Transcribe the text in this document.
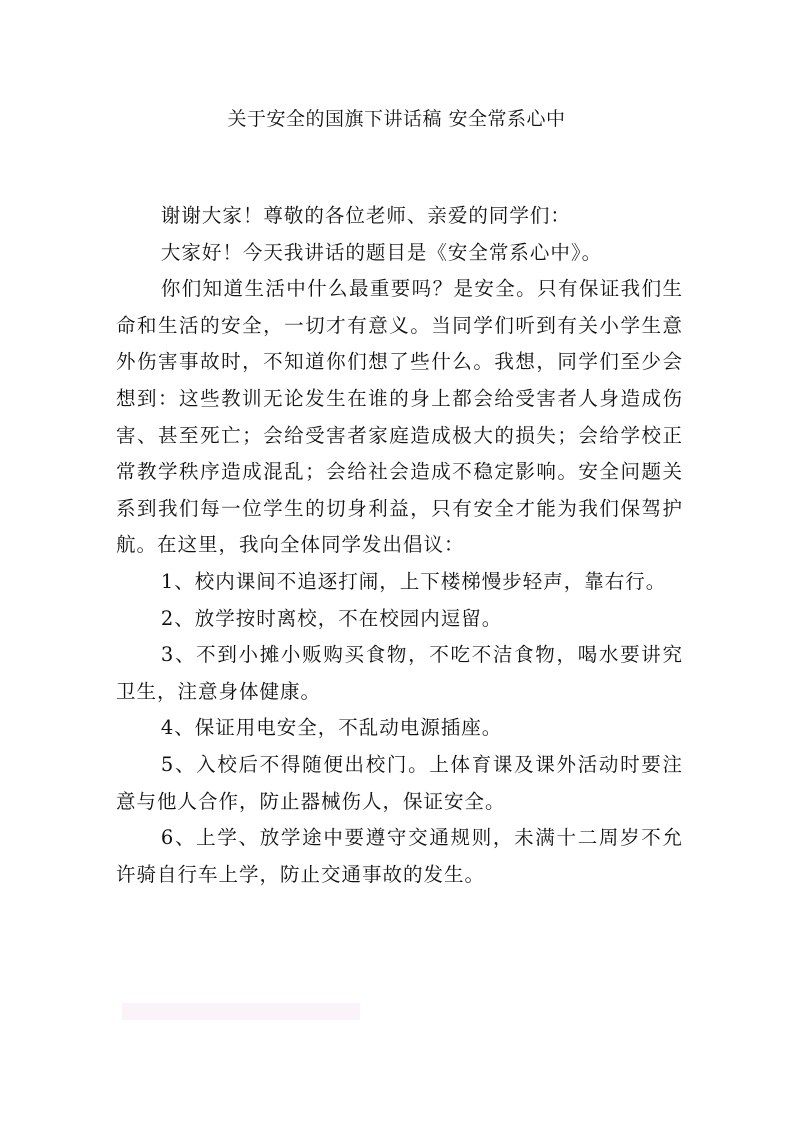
关于安全的国旗下讲话稿 安全常系心中

谢谢大家！尊敬的各位老师、亲爱的同学们：

大家好！今天我讲话的题目是《安全常系心中》。

你们知道生活中什么最重要吗？是安全。只有保证我们生命和生活的安全，一切才有意义。当同学们听到有关小学生意外伤害事故时，不知道你们想了些什么。我想，同学们至少会想到：这些教训无论发生在谁的身上都会给受害者人身造成伤害、甚至死亡；会给受害者家庭造成极大的损失；会给学校正常教学秩序造成混乱；会给社会造成不稳定影响。安全问题关系到我们每一位学生的切身利益，只有安全才能为我们保驾护航。在这里，我向全体同学发出倡议：

1、校内课间不追逐打闹，上下楼梯慢步轻声，靠右行。

2、放学按时离校，不在校园内逗留。

3、不到小摊小贩购买食物，不吃不洁食物，喝水要讲究卫生，注意身体健康。

4、保证用电安全，不乱动电源插座。

5、入校后不得随便出校门。上体育课及课外活动时要注意与他人合作，防止器械伤人，保证安全。

6、上学、放学途中要遵守交通规则，未满十二周岁不允许骑自行车上学，防止交通事故的发生。
